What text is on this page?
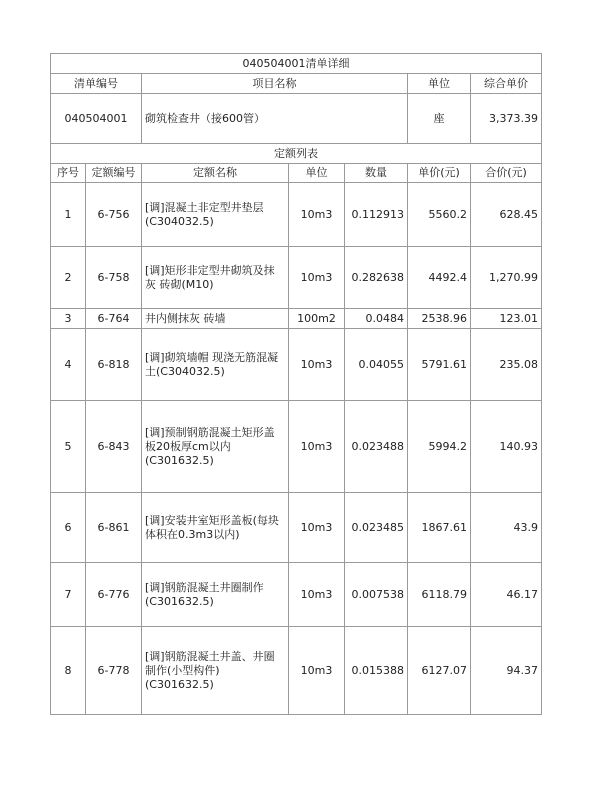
040504001清单详细						
清单编号		项目名称			单位	综合单价
040504001		砌筑检查井（接600管）			座	3,373.39
定额列表						
序号	定额编号	定额名称	单位	数量	单价(元)	合价(元)
1	6-756	[调]混凝土非定型井垫层(C304032.5)	10m3	0.112913	5560.2	628.45
2	6-758	[调]矩形非定型井砌筑及抹灰 砖砌(M10)	10m3	0.282638	4492.4	1,270.99
3	6-764	井内侧抹灰 砖墙	100m2	0.0484	2538.96	123.01
4	6-818	[调]砌筑墙帽 现浇无筋混凝土(C304032.5)	10m3	0.04055	5791.61	235.08
5	6-843	[调]预制钢筋混凝土矩形盖板20板厚cm以内(C301632.5)	10m3	0.023488	5994.2	140.93
6	6-861	[调]安装井室矩形盖板(每块体积在0.3m3以内)	10m3	0.023485	1867.61	43.9
7	6-776	[调]钢筋混凝土井圈制作(C301632.5)	10m3	0.007538	6118.79	46.17
8	6-778	[调]钢筋混凝土井盖、井圈制作(小型构件)(C301632.5)	10m3	0.015388	6127.07	94.37
